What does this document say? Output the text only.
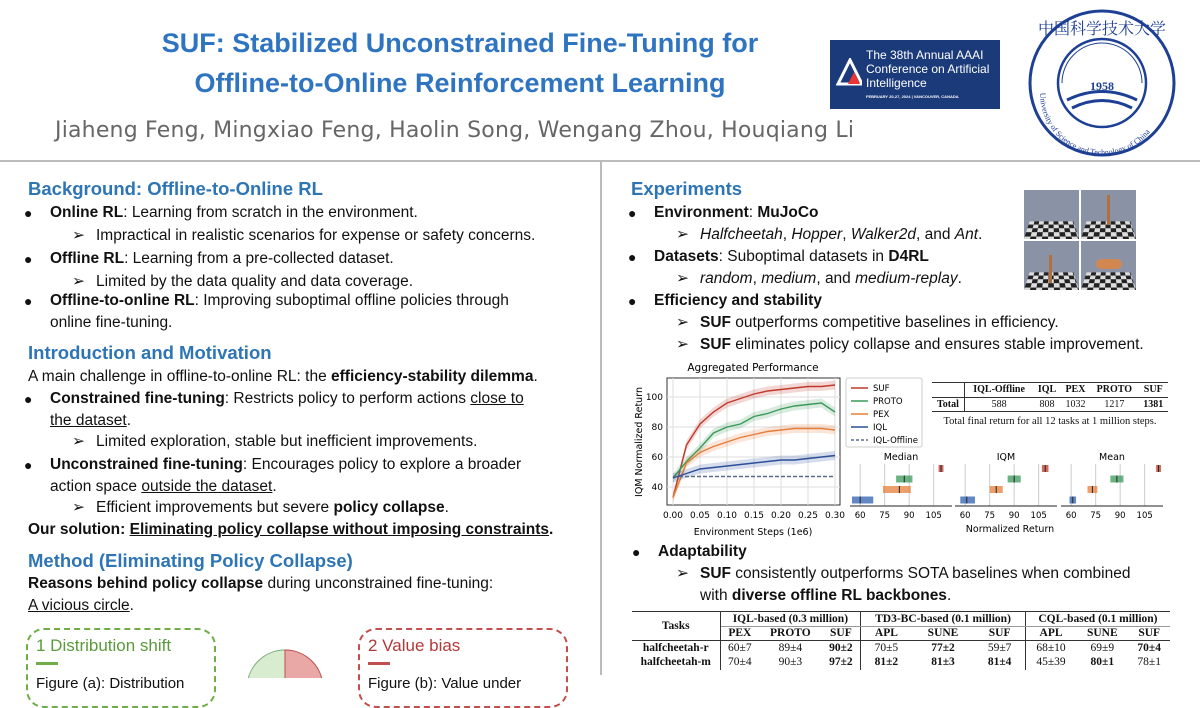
SUF: Stabilized Unconstrained Fine-Tuning for
Offline-to-Online Reinforcement Learning
Jiaheng Feng, Mingxiao Feng, Haolin Song, Wengang Zhou, Houqiang Li
The 38th Annual AAAI
Conference on Artificial
Intelligence
FEBRUARY 20-27, 2024 | VANCOUVER, CANADA
1958
University of Science and Technology of China
中国科学技术大学
Background: Offline-to-Online RL
● Online RL: Learning from scratch in the environment.
➢ Impractical in realistic scenarios for expense or safety concerns.
● Offline RL: Learning from a pre-collected dataset.
➢ Limited by the data quality and data coverage.
● Offline-to-online RL: Improving suboptimal offline policies through
online fine-tuning.
Introduction and Motivation
A main challenge in offline-to-online RL: the efficiency-stability dilemma.
● Constrained fine-tuning: Restricts policy to perform actions close to
the dataset.
➢ Limited exploration, stable but inefficient improvements.
● Unconstrained fine-tuning: Encourages policy to explore a broader
action space outside the dataset.
➢ Efficient improvements but severe policy collapse.
Our solution: Eliminating policy collapse without imposing constraints.
Method (Eliminating Policy Collapse)
Reasons behind policy collapse during unconstrained fine-tuning:
A vicious circle.
1 Distribution shift
Figure (a): Distribution
2 Value bias
Figure (b): Value under
Experiments
● Environment: MuJoCo
➢ Halfcheetah, Hopper, Walker2d, and Ant.
● Datasets: Suboptimal datasets in D4RL
➢ random, medium, and medium-replay.
● Efficiency and stability
➢ SUF outperforms competitive baselines in efficiency.
➢ SUF eliminates policy collapse and ensures stable improvement.
0.00 0.05 0.10 0.15 0.20 0.25 0.30
40
60
80
100
Aggregated Performance
Environment Steps (1e6)
IQM Normalized Return	SUF
PROTO
PEX
IQL
IQL-Offline
Median
60 75 90 105
IQM
60 75 90 105
Mean
60 75 90 105
Normalized Return
	IQL-Offline	IQL	PEX	PROTO	SUF
Total	588	808	1032	1217	1381
Total final return for all 12 tasks at 1 million steps.
● Adaptability
➢ SUF consistently outperforms SOTA baselines when combined
with diverse offline RL backbones.
Tasks	IQL-based (0.3 million)			TD3-BC-based (0.1 million)			CQL-based (0.1 million)		
	PEX	PROTO	SUF	APL	SUNE	SUF	APL	SUNE	SUF
halfcheetah-r	60±7	89±4	90±2	70±5	77±2	59±7	68±10	69±9	70±4
halfcheetah-m	70±4	90±3	97±2	81±2	81±3	81±4	45±39	80±1	78±1
